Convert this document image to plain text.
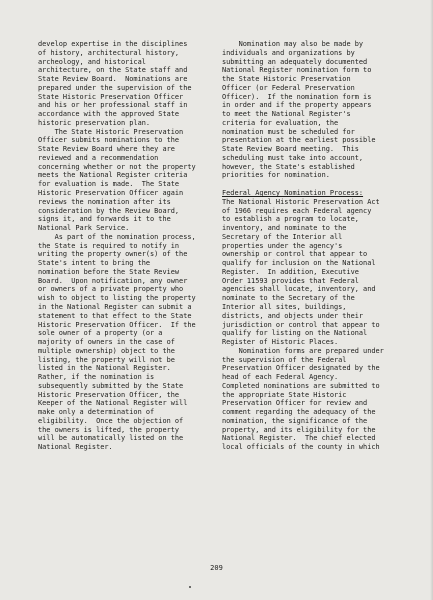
develop expertise in the disciplines
of history, architectural history,
archeology, and historical
architecture, on the State staff and
State Review Board.  Nominations are
prepared under the supervision of the
State Historic Preservation Officer
and his or her professional staff in
accordance with the approved State
historic preservation plan.
The State Historic Preservation
Officer submits nominations to the
State Review Board where they are
reviewed and a recommendation
concerning whether or not the property
meets the National Register criteria
for evaluation is made.  The State
Historic Preservation Officer again
reviews the nomination after its
consideration by the Review Board,
signs it, and forwards it to the
National Park Service.
As part of the nomination process,
the State is required to notify in
writing the property owner(s) of the
State's intent to bring the
nomination before the State Review
Board.  Upon notification, any owner
or owners of a private property who
wish to object to listing the property
in the National Register can submit a
statement to that effect to the State
Historic Preservation Officer.  If the
sole owner of a property (or a
majority of owners in the case of
multiple ownership) object to the
listing, the property will not be
listed in the National Register.
Rather, if the nomination is
subsequently submitted by the State
Historic Preservation Officer, the
Keeper of the National Register will
make only a determination of
eligibility.  Once the objection of
the owners is lifted, the property
will be automatically listed on the
National Register.
Nomination may also be made by
individuals and organizations by
submitting an adequately documented
National Register nomination form to
the State Historic Preservation
Officer (or Federal Preservation
Officer).  If the nomination form is
in order and if the property appears
to meet the National Register's
criteria for evaluation, the
nomination must be scheduled for
presentation at the earliest possible
State Review Board meeting.  This
scheduling must take into account,
however, the State's established
priorities for nomination.
Federal Agency Nomination Process:
The National Historic Preservation Act
of 1966 requires each Federal agency
to establish a program to locate,
inventory, and nominate to the
Secretary of the Interior all
properties under the agency's
ownership or control that appear to
qualify for inclusion on the National
Register.  In addition, Executive
Order 11593 provides that Federal
agencies shall locate, inventory, and
nominate to the Secretary of the
Interior all sites, buildings,
districts, and objects under their
jurisdiction or control that appear to
qualify for listing on the National
Register of Historic Places.
Nomination forms are prepared under
the supervision of the Federal
Preservation Officer designated by the
head of each Federal Agency.
Completed nominations are submitted to
the appropriate State Historic
Preservation Officer for review and
comment regarding the adequacy of the
nomination, the significance of the
property, and its eligibility for the
National Register.  The chief elected
local officials of the county in which
209
